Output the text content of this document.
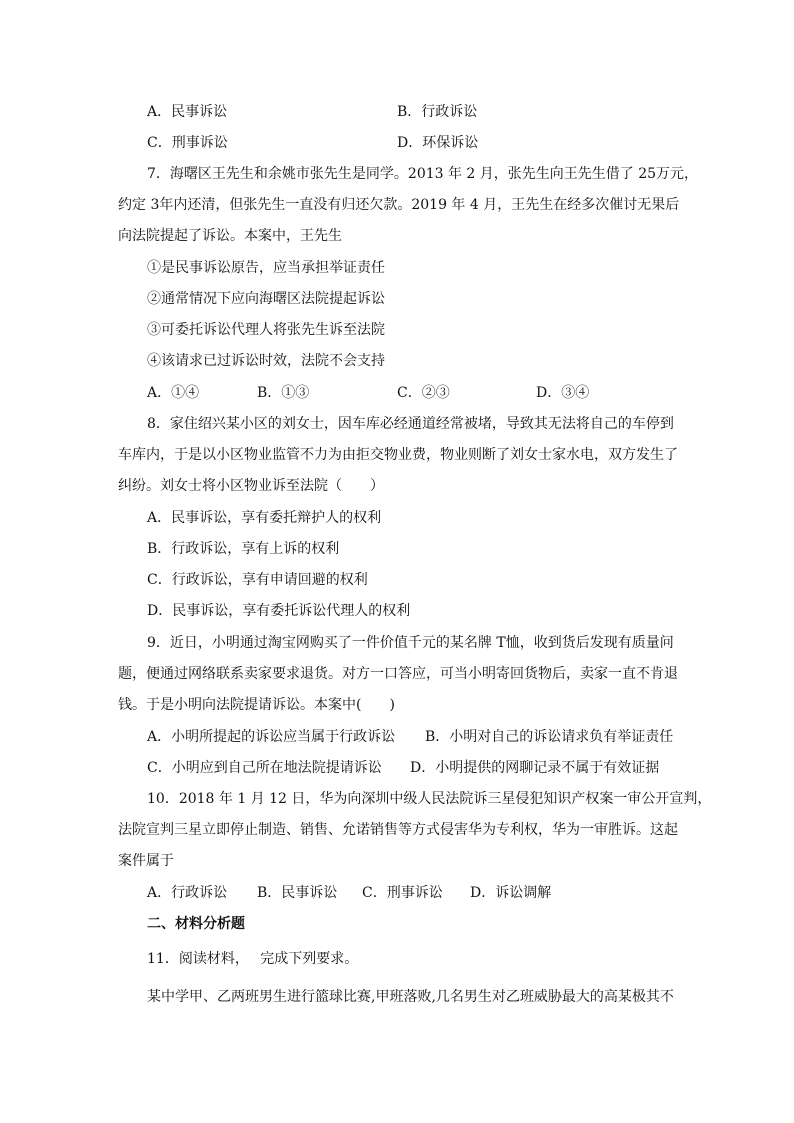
A．民事诉讼	B．行政诉讼
C．刑事诉讼	D．环保诉讼
7．海曙区王先生和余姚市张先生是同学。2013 年 2 月，张先生向王先生借了 25万元，
约定 3年内还清，但张先生一直没有归还欠款。2019 年 4 月，王先生在经多次催讨无果后
向法院提起了诉讼。本案中，王先生
①是民事诉讼原告，应当承担举证责任
②通常情况下应向海曙区法院提起诉讼
③可委托诉讼代理人将张先生诉至法院
④该请求已过诉讼时效，法院不会支持
A．①④	B．①③	C．②③	D．③④
8．家住绍兴某小区的刘女士，因车库必经通道经常被堵，导致其无法将自己的车停到
车库内，于是以小区物业监管不力为由拒交物业费，物业则断了刘女士家水电，双方发生了
纠纷。刘女士将小区物业诉至法院（　　）
A．民事诉讼，享有委托辩护人的权利
B．行政诉讼，享有上诉的权利
C．行政诉讼，享有申请回避的权利
D．民事诉讼，享有委托诉讼代理人的权利
9．近日，小明通过淘宝网购买了一件价值千元的某名牌 T恤，收到货后发现有质量问
题，便通过网络联系卖家要求退货。对方一口答应，可当小明寄回货物后，卖家一直不肯退
钱。于是小明向法院提请诉讼。本案中(　　)
A．小明所提起的诉讼应当属于行政诉讼 B．小明对自己的诉讼请求负有举证责任
C．小明应到自己所在地法院提请诉讼 D．小明提供的网聊记录不属于有效证据
10．2018 年 1 月 12 日，华为向深圳中级人民法院诉三星侵犯知识产权案一审公开宣判，
法院宣判三星立即停止制造、销售、允诺销售等方式侵害华为专利权，华为一审胜诉。这起
案件属于
A．行政诉讼 B．民事诉讼 C．刑事诉讼 D．诉讼调解
二、材料分析题
11．阅读材料，　 完成下列要求。
某中学甲、乙两班男生进行篮球比赛,甲班落败,几名男生对乙班威胁最大的高某极其不
